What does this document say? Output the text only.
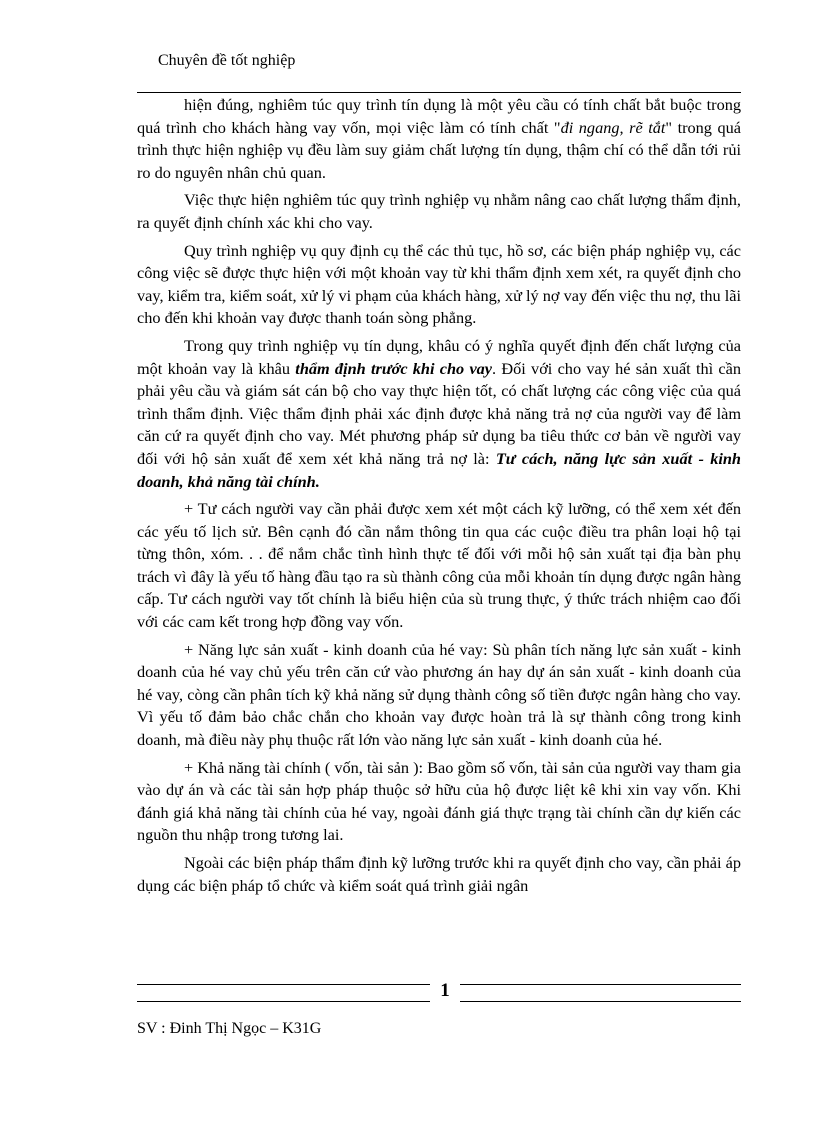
Chuyên đề tốt nghiệp

hiện đúng, nghiêm túc quy trình tín dụng là một yêu cầu có tính chất bắt buộc trong quá trình cho khách hàng vay vốn, mọi việc làm có tính chất "đi ngang, rẽ tắt" trong quá trình thực hiện nghiệp vụ đều làm suy giảm chất lượng tín dụng, thậm chí có thể dẫn tới rủi ro do nguyên nhân chủ quan.

Việc thực hiện nghiêm túc quy trình nghiệp vụ nhằm nâng cao chất lượng thẩm định, ra quyết định chính xác khi cho vay.

Quy trình nghiệp vụ quy định cụ thể các thủ tục, hồ sơ, các biện pháp nghiệp vụ, các công việc sẽ được thực hiện với một khoản vay từ khi thẩm định xem xét, ra quyết định cho vay, kiểm tra, kiểm soát, xử lý vi phạm của khách hàng, xử lý nợ vay đến việc thu nợ, thu lãi cho đến khi khoản vay được thanh toán sòng phẳng.

Trong quy trình nghiệp vụ tín dụng, khâu có ý nghĩa quyết định đến chất lượng của một khoản vay là khâu thẩm định trước khi cho vay. Đối với cho vay hé sản xuất thì cần phải yêu cầu và giám sát cán bộ cho vay thực hiện tốt, có chất lượng các công việc của quá trình thẩm định. Việc thẩm định phải xác định được khả năng trả nợ của người vay để làm căn cứ ra quyết định cho vay. Mét phương pháp sử dụng ba tiêu thức cơ bản về người vay đối với hộ sản xuất để xem xét khả năng trả nợ là: Tư cách, năng lực sản xuất - kinh doanh, khả năng tài chính.

+ Tư cách người vay cần phải được xem xét một cách kỹ lưỡng, có thể xem xét đến các yếu tố lịch sử. Bên cạnh đó cần nắm thông tin qua các cuộc điều tra phân loại hộ tại từng thôn, xóm. . . để nắm chắc tình hình thực tế đối với mỗi hộ sản xuất tại địa bàn phụ trách vì đây là yếu tố hàng đầu tạo ra sù thành công của mỗi khoản tín dụng được ngân hàng cấp. Tư cách người vay tốt chính là biểu hiện của sù trung thực, ý thức trách nhiệm cao đối với các cam kết trong hợp đồng vay vốn.

+ Năng lực sản xuất - kinh doanh của hé vay: Sù phân tích năng lực sản xuất - kinh doanh của hé vay chủ yếu trên căn cứ vào phương án hay dự án sản xuất - kinh doanh của hé vay, còng cần phân tích kỹ khả năng sử dụng thành công số tiền được ngân hàng cho vay. Vì yếu tố đảm bảo chắc chắn cho khoản vay được hoàn trả là sự thành công trong kinh doanh, mà điều này phụ thuộc rất lớn vào năng lực sản xuất - kinh doanh của hé.

+ Khả năng tài chính ( vốn, tài sản ): Bao gồm số vốn, tài sản của người vay tham gia vào dự án và các tài sản hợp pháp thuộc sở hữu của hộ được liệt kê khi xin vay vốn. Khi đánh giá khả năng tài chính của hé vay, ngoài đánh giá thực trạng tài chính cần dự kiến các nguồn thu nhập trong tương lai.

Ngoài các biện pháp thẩm định kỹ lưỡng trước khi ra quyết định cho vay, cần phải áp dụng các biện pháp tổ chức và kiểm soát quá trình giải ngân

1
SV : Đinh Thị Ngọc – K31G
